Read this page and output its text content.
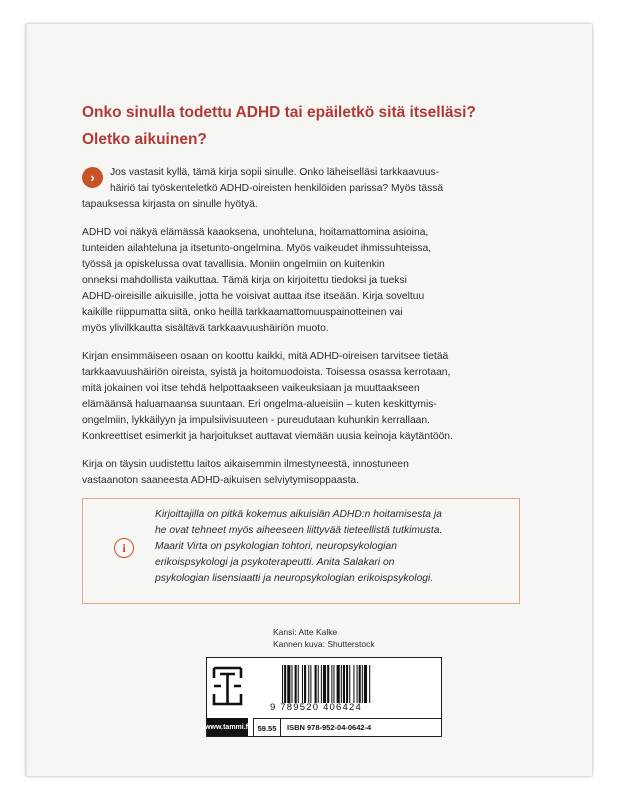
Onko sinulla todettu ADHD tai epäiletkö sitä itselläsi?

Oletko aikuinen?

›	Jos vastasit kyllä, tämä kirja sopii sinulle. Onko läheiselläsi tarkkaavuus-

häiriö tai työskenteletkö ADHD-oireisten henkilöiden parissa? Myös tässä

tapauksessa kirjasta on sinulle hyötyä.

ADHD voi näkyä elämässä kaaoksena, unohteluna, hoitamattomina asioina,

tunteiden ailahteluna ja itsetunto-ongelmina. Myös vaikeudet ihmissuhteissa,

työssä ja opiskelussa ovat tavallisia. Moniin ongelmiin on kuitenkin

onneksi mahdollista vaikuttaa. Tämä kirja on kirjoitettu tiedoksi ja tueksi

ADHD-oireisille aikuisille, jotta he voisivat auttaa itse itseään. Kirja soveltuu

kaikille riippumatta siitä, onko heillä tarkkaamattomuuspainotteinen vai

myös ylivilkkautta sisältävä tarkkaavuushäiriön muoto.

Kirjan ensimmäiseen osaan on koottu kaikki, mitä ADHD-oireisen tarvitsee tietää

tarkkaavuushäiriön oireista, syistä ja hoitomuodoista. Toisessa osassa kerrotaan,

mitä jokainen voi itse tehdä helpottaakseen vaikeuksiaan ja muuttaakseen

elämäänsä haluamaansa suuntaan. Eri ongelma-alueisiin – kuten keskittymis-

ongelmiin, lykkäilyyn ja impulsiivisuuteen - pureudutaan kuhunkin kerrallaan.

Konkreettiset esimerkit ja harjoitukset auttavat viemään uusia keinoja käytäntöön.

Kirja on täysin uudistettu laitos aikaisemmin ilmestyneestä, innostuneen

vastaanoton saaneesta ADHD-aikuisen selviytymisoppaasta.

i

Kirjoittajilla on pitkä kokemus aikuisiän ADHD:n hoitamisesta ja

he ovat tehneet myös aiheeseen liittyvää tieteellistä tutkimusta.

Maarit Virta on psykologian tohtori, neuropsykologian

erikoispsykologi ja psykoterapeutti. Anita Salakari on

psykologian lisensiaatti ja neuropsykologian erikoispsykologi.

Kansi: Atte Kalke

Kannen kuva: Shutterstock

www.tammi.fi	59.55	ISBN 978-952-04-0642-4

9 789520 406424
